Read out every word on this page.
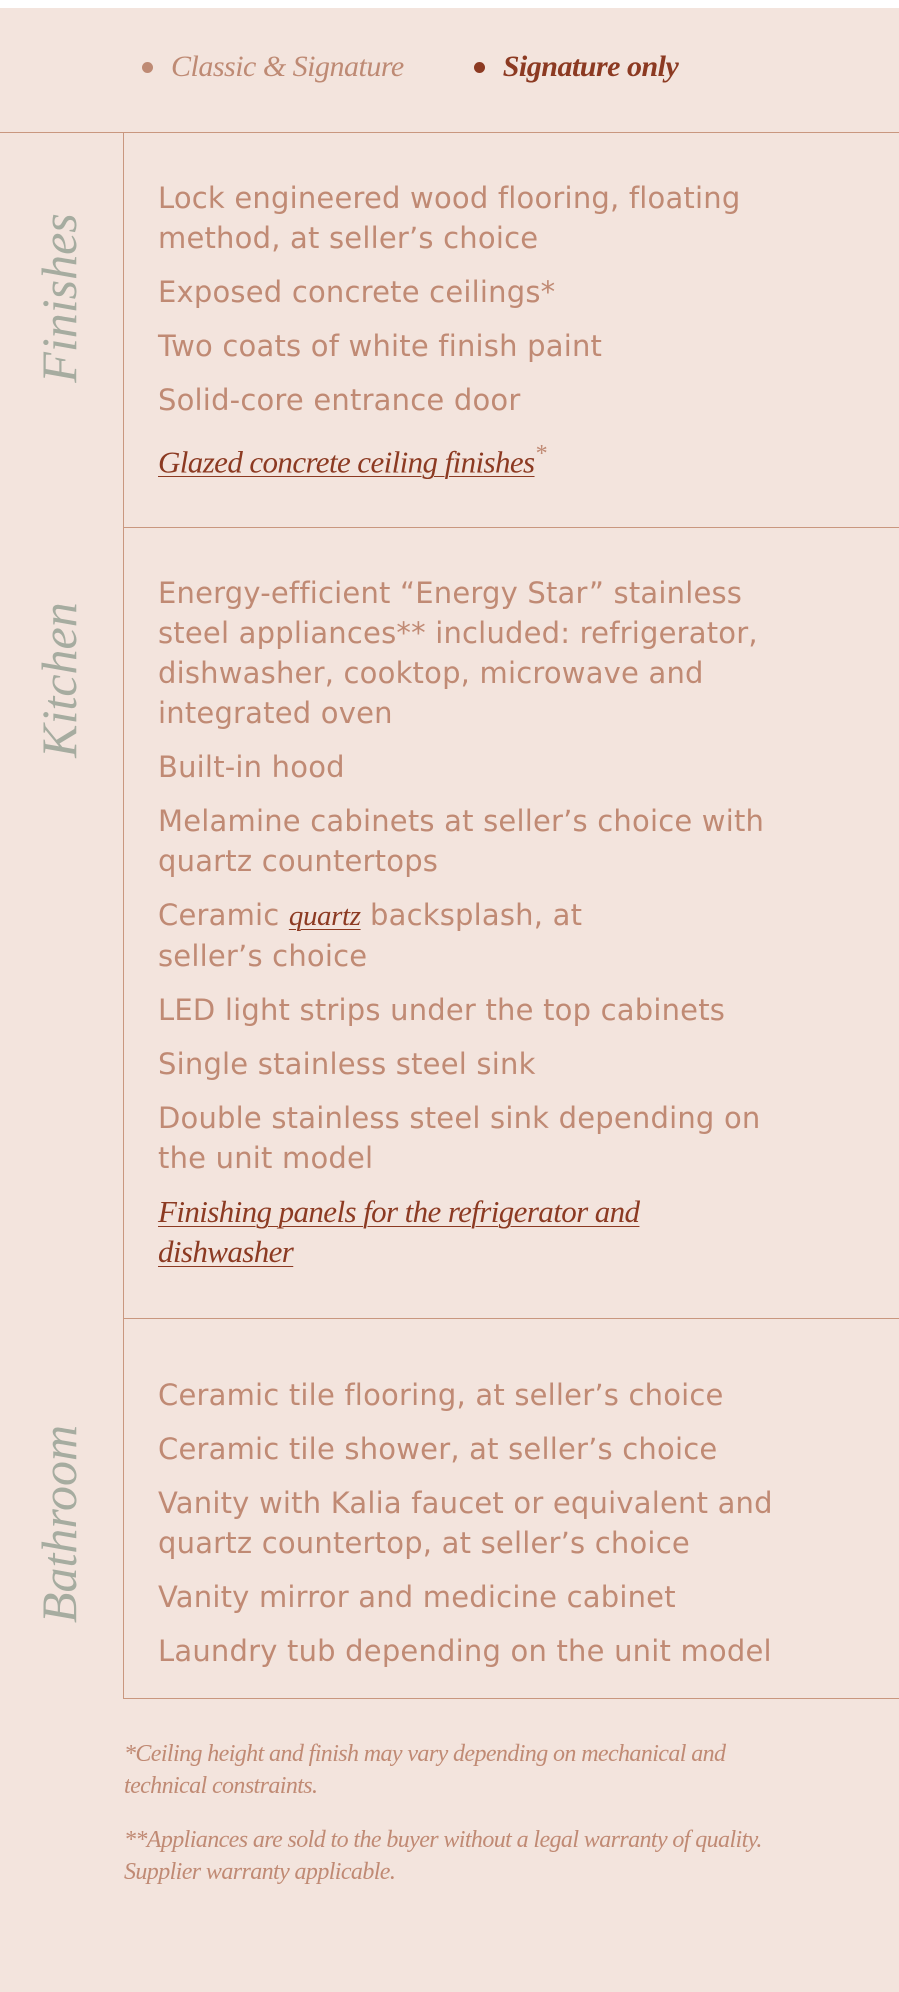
Classic & Signature	Signature only
Finishes
Lock engineered wood flooring, floating method, at seller’s choice
Exposed concrete ceilings*
Two coats of white finish paint
Solid-core entrance door
Glazed concrete ceiling finishes*
Kitchen
Energy-efficient “Energy Star” stainless steel appliances** included: refrigerator, dishwasher, cooktop, microwave and integrated oven
Built-in hood
Melamine cabinets at seller’s choice with quartz countertops
Ceramic quartz backsplash, at seller’s choice
LED light strips under the top cabinets
Single stainless steel sink
Double stainless steel sink depending on the unit model
Finishing panels for the refrigerator and dishwasher
Bathroom
Ceramic tile flooring, at seller’s choice
Ceramic tile shower, at seller’s choice
Vanity with Kalia faucet or equivalent and quartz countertop, at seller’s choice
Vanity mirror and medicine cabinet
Laundry tub depending on the unit model

*Ceiling height and finish may vary depending on mechanical and technical constraints.

**Appliances are sold to the buyer without a legal warranty of quality. Supplier warranty applicable.
